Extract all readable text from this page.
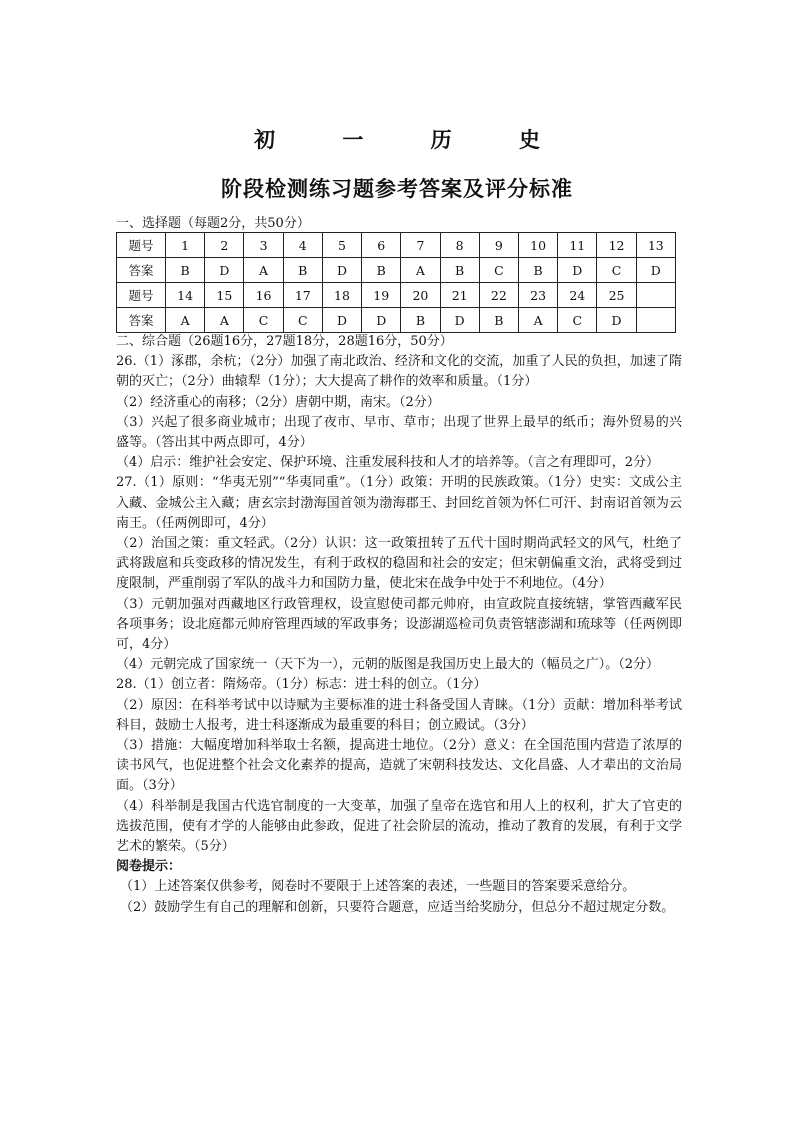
初 一 历 史
阶段检测练习题参考答案及评分标准
一、选择题（每题2分，共50分）
题号	1	2	3	4	5	6	7	8	9	10	11	12	13
答案	B	D	A	B	D	B	A	B	C	B	D	C	D
题号	14	15	16	17	18	19	20	21	22	23	24	25	
答案	A	A	C	C	D	D	B	D	B	A	C	D	

二、综合题（26题16分，27题18分，28题16分，50分）

26.（1）涿郡，余杭；（2分）加强了南北政治、经济和文化的交流，加重了人民的负担，加速了隋朝的灭亡；（2分）曲辕犁（1分）；大大提高了耕作的效率和质量。（1分）

（2）经济重心的南移；（2分）唐朝中期，南宋。（2分）

（3）兴起了很多商业城市；出现了夜市、早市、草市；出现了世界上最早的纸币；海外贸易的兴盛等。（答出其中两点即可，4分）

（4）启示：维护社会安定、保护环境、注重发展科技和人才的培养等。（言之有理即可，2分）

27.（1）原则：“华夷无别”“华夷同重”。（1分）政策：开明的民族政策。（1分）史实：文成公主入藏、金城公主入藏；唐玄宗封渤海国首领为渤海郡王、封回纥首领为怀仁可汗、封南诏首领为云南王。（任两例即可，4分）

（2）治国之策：重文轻武。（2分）认识：这一政策扭转了五代十国时期尚武轻文的风气，杜绝了武将跋扈和兵变政移的情况发生，有利于政权的稳固和社会的安定；但宋朝偏重文治，武将受到过度限制，严重削弱了军队的战斗力和国防力量，使北宋在战争中处于不利地位。（4分）

（3）元朝加强对西藏地区行政管理权，设宣慰使司都元帅府，由宣政院直接统辖，掌管西藏军民各项事务；设北庭都元帅府管理西域的军政事务；设澎湖巡检司负责管辖澎湖和琉球等（任两例即可，4分）

（4）元朝完成了国家统一（天下为一），元朝的版图是我国历史上最大的（幅员之广）。（2分）

28.（1）创立者：隋炀帝。（1分）标志：进士科的创立。（1分）

（2）原因：在科举考试中以诗赋为主要标准的进士科备受国人青睐。（1分）贡献：增加科举考试科目，鼓励士人报考，进士科逐渐成为最重要的科目；创立殿试。（3分）

（3）措施：大幅度增加科举取士名额，提高进士地位。（2分）意义：在全国范围内营造了浓厚的读书风气，也促进整个社会文化素养的提高，造就了宋朝科技发达、文化昌盛、人才辈出的文治局面。（3分）

（4）科举制是我国古代选官制度的一大变革，加强了皇帝在选官和用人上的权利，扩大了官吏的选拔范围，使有才学的人能够由此参政，促进了社会阶层的流动，推动了教育的发展，有利于文学艺术的繁荣。（5分）

阅卷提示：

（1）上述答案仅供参考，阅卷时不要限于上述答案的表述，一些题目的答案要采意给分。

（2）鼓励学生有自己的理解和创新，只要符合题意，应适当给奖励分，但总分不超过规定分数。
